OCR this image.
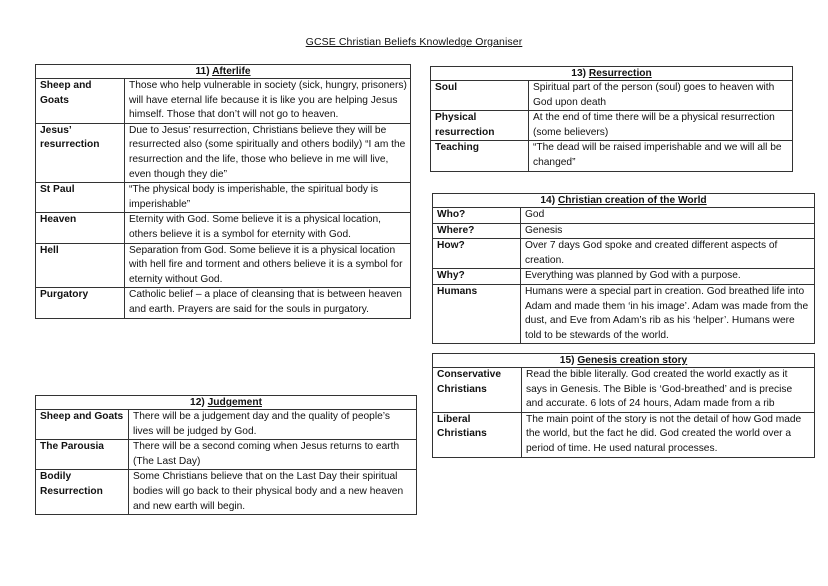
GCSE Christian Beliefs Knowledge Organiser
11) Afterlife	

Sheep and
Goats	Those who help vulnerable in society (sick, hungry, prisoners) will have eternal life because it is like you are helping Jesus himself. Those that don’t will not go to heaven.

Jesus’
resurrection	Due to Jesus’ resurrection, Christians believe they will be resurrected also (some spiritually and others bodily) “I am the resurrection and the life, those who believe in me will live, even though they die”

St Paul	“The physical body is imperishable, the spiritual body is imperishable”

Heaven	Eternity with God. Some believe it is a physical location, others believe it is a symbol for eternity with God.

Hell	Separation from God. Some believe it is a physical location with hell fire and torment and others believe it is a symbol for eternity without God.

Purgatory	Catholic belief – a place of cleansing that is between heaven and earth. Prayers are said for the souls in purgatory.
12) Judgement	

Sheep and Goats	There will be a judgement day and the quality of people’s lives will be judged by God.

The Parousia	There will be a second coming when Jesus returns to earth (The Last Day)

Bodily
Resurrection	Some Christians believe that on the Last Day their spiritual bodies will go back to their physical body and a new heaven and new earth will begin.
13) Resurrection	

Soul	Spiritual part of the person (soul) goes to heaven with God upon death

Physical
resurrection	At the end of time there will be a physical resurrection (some believers)

Teaching	“The dead will be raised imperishable and we will all be changed”
14) Christian creation of the World	

Who?	God

Where?	Genesis

How?	Over 7 days God spoke and created different aspects of creation.

Why?	Everything was planned by God with a purpose.

Humans	Humans were a special part in creation. God breathed life into Adam and made them ‘in his image’. Adam was made from the dust, and Eve from Adam’s rib as his ‘helper’. Humans were told to be stewards of the world.
15) Genesis creation story	

Conservative
Christians	Read the bible literally. God created the world exactly as it says in Genesis. The Bible is ‘God-breathed’ and is precise and accurate. 6 lots of 24 hours, Adam made from a rib

Liberal
Christians	The main point of the story is not the detail of how God made the world, but the fact he did. God created the world over a period of time. He used natural processes.
